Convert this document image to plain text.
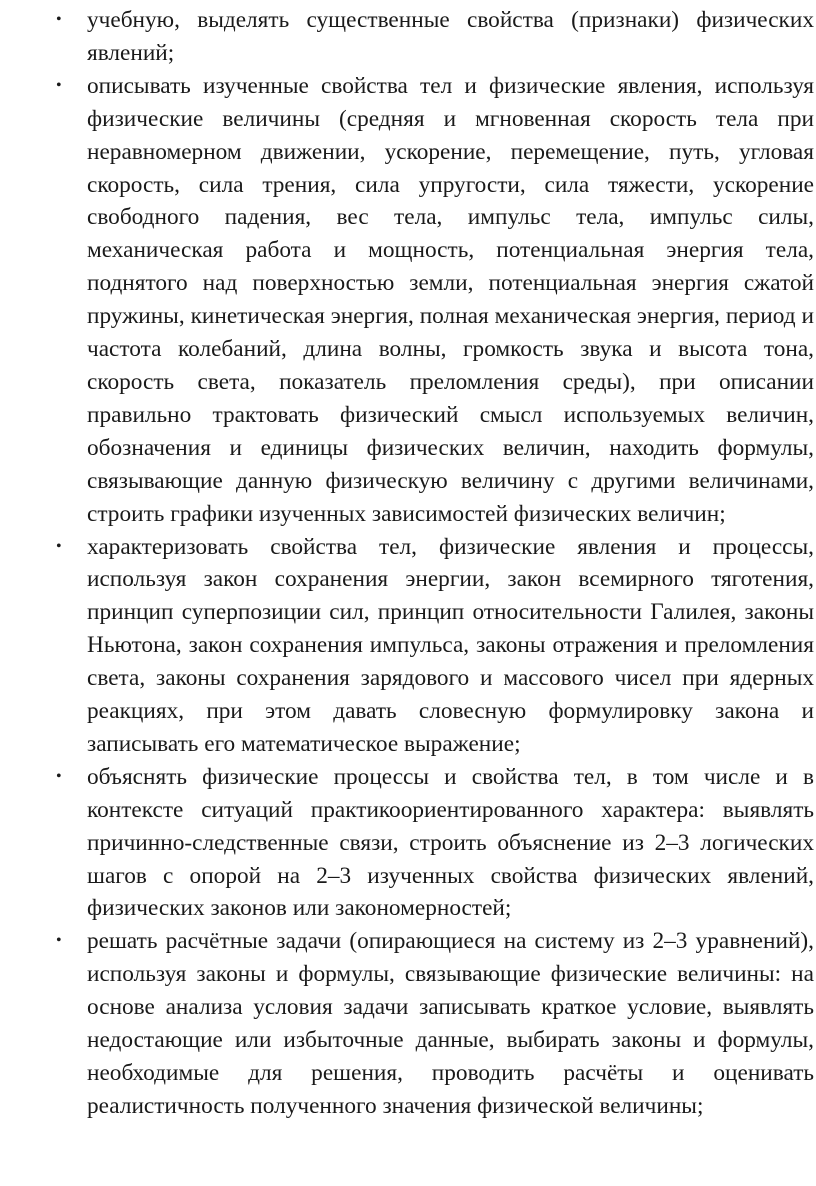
• учебную, выделять существенные свойства (признаки) физических явлений;
• описывать изученные свойства тел и физические явления, используя физические величины (средняя и мгновенная скорость тела при неравномерном движении, ускорение, перемещение, путь, угловая скорость, сила трения, сила упругости, сила тяжести, ускорение свободного падения, вес тела, импульс тела, импульс силы, механическая работа и мощность, потенциальная энергия тела, поднятого над поверхностью земли, потенциальная энергия сжатой пружины, кинетическая энергия, полная механическая энергия, период и частота колебаний, длина волны, громкость звука и высота тона, скорость света, показатель преломления среды), при описании правильно трактовать физический смысл используемых величин, обозначения и единицы физических величин, находить формулы, связывающие данную физическую величину с другими величинами, строить графики изученных зависимостей физических величин;
• характеризовать свойства тел, физические явления и процессы, используя закон сохранения энергии, закон всемирного тяготения, принцип суперпозиции сил, принцип относительности Галилея, законы Ньютона, закон сохранения импульса, законы отражения и преломления света, законы сохранения зарядового и массового чисел при ядерных реакциях, при этом давать словесную формулировку закона и записывать его математическое выражение;
• объяснять физические процессы и свойства тел, в том числе и в контексте ситуаций практикоориентированного характера: выявлять причинно-следственные связи, строить объяснение из 2–3 логических шагов с опорой на 2–3 изученных свойства физических явлений, физических законов или закономерностей;
• решать расчётные задачи (опирающиеся на систему из 2–3 уравнений), используя законы и формулы, связывающие физические величины: на основе анализа условия задачи записывать краткое условие, выявлять недостающие или избыточные данные, выбирать законы и формулы, необходимые для решения, проводить расчёты и оценивать реалистичность полученного значения физической величины;
